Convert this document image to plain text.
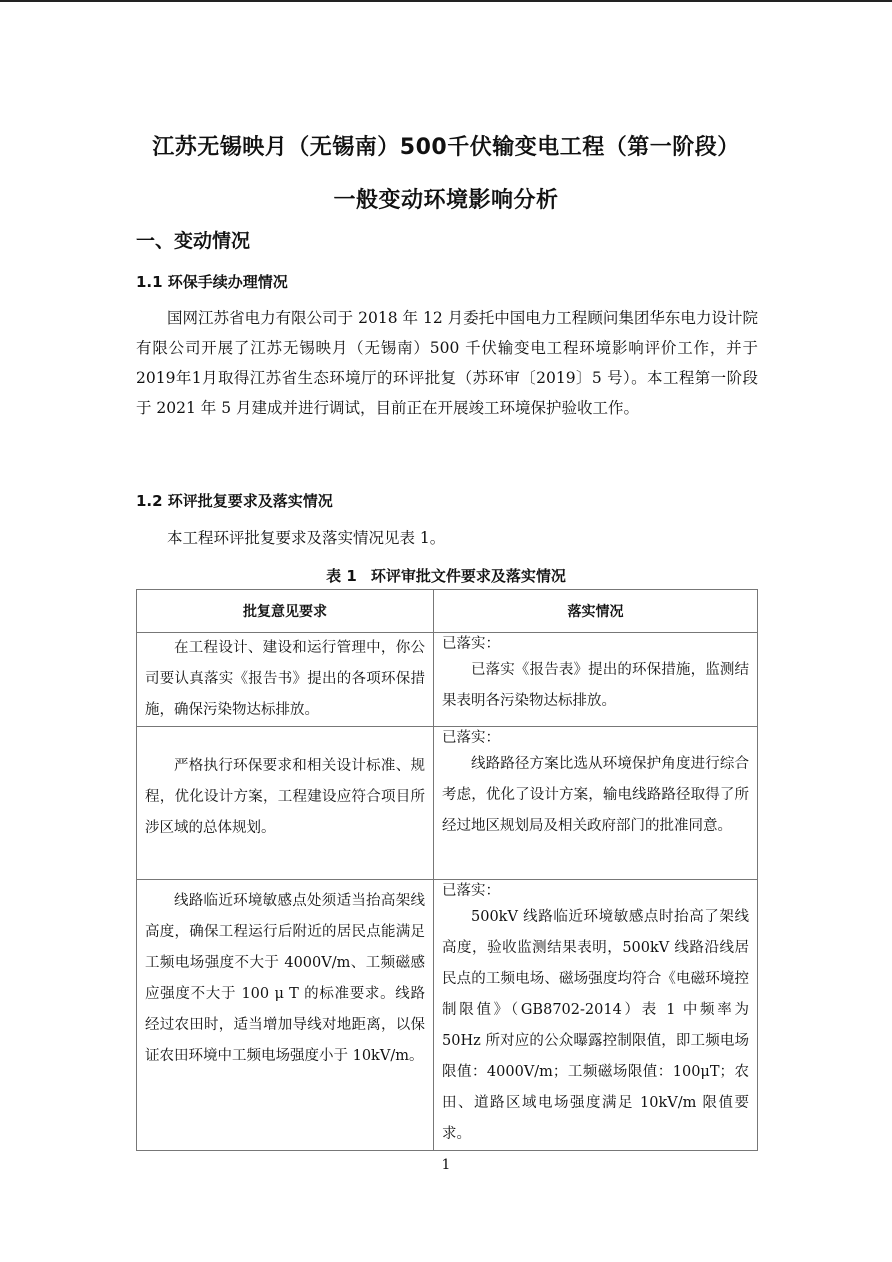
江苏无锡映月（无锡南）500千伏输变电工程（第一阶段）
一般变动环境影响分析
一、变动情况
1.1 环保手续办理情况
国网江苏省电力有限公司于 2018 年 12 月委托中国电力工程顾问集团华东电力设计院有限公司开展了江苏无锡映月（无锡南）500 千伏输变电工程环境影响评价工作，并于2019年1月取得江苏省生态环境厅的环评批复（苏环审〔2019〕5 号）。本工程第一阶段于 2021 年 5 月建成并进行调试，目前正在开展竣工环境保护验收工作。
1.2 环评批复要求及落实情况
本工程环评批复要求及落实情况见表 1。
表 1 环评审批文件要求及落实情况
批复意见要求	落实情况

在工程设计、建设和运行管理中，你公司要认真落实《报告书》提出的各项环保措施，确保污染物达标排放。	已落实：
已落实《报告表》提出的环保措施，监测结果表明各污染物达标排放。

严格执行环保要求和相关设计标准、规程，优化设计方案，工程建设应符合项目所涉区域的总体规划。	已落实：
线路路径方案比选从环境保护角度进行综合考虑，优化了设计方案，输电线路路径取得了所经过地区规划局及相关政府部门的批准同意。

线路临近环境敏感点处须适当抬高架线高度，确保工程运行后附近的居民点能满足工频电场强度不大于 4000V/m、工频磁感应强度不大于 100 μ T 的标准要求。线路经过农田时，适当增加导线对地距离，以保证农田环境中工频电场强度小于 10kV/m。	已落实：
500kV 线路临近环境敏感点时抬高了架线高度，验收监测结果表明，500kV 线路沿线居民点的工频电场、磁场强度均符合《电磁环境控制限值》（GB8702-2014）表 1 中频率为 50Hz 所对应的公众曝露控制限值，即工频电场限值：4000V/m；工频磁场限值：100μT；农田、道路区域电场强度满足 10kV/m 限值要求。
1
